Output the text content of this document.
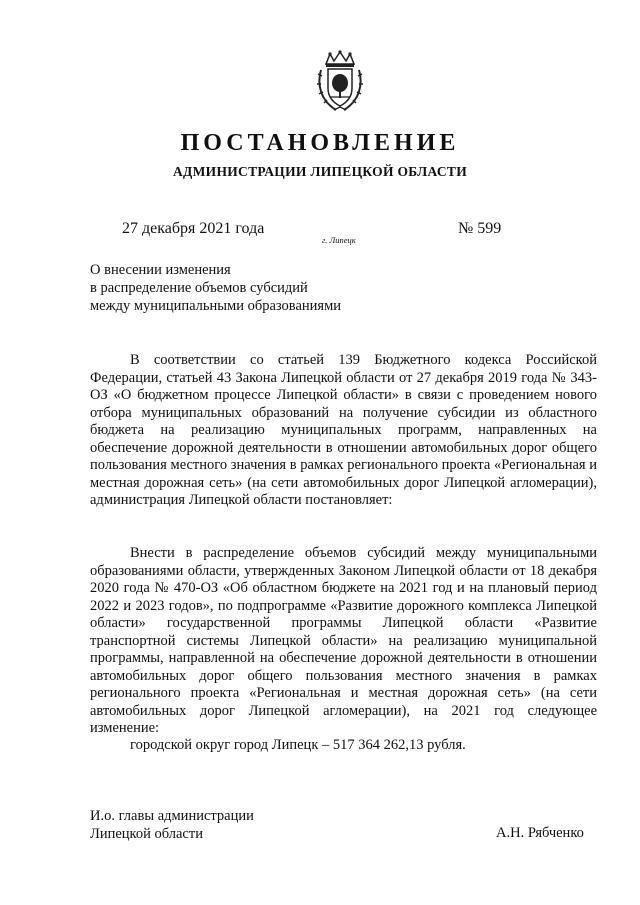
ПОСТАНОВЛЕНИЕ
АДМИНИСТРАЦИИ ЛИПЕЦКОЙ ОБЛАСТИ
27 декабря 2021 года
г. Липецк
№ 599
О внесении изменения
в распределение объемов субсидий
между муниципальными образованиями

В соответствии со статьей 139 Бюджетного кодекса Российской Федерации, статьей 43 Закона Липецкой области от 27 декабря 2019 года № 343-ОЗ «О бюджетном процессе Липецкой области» в связи с проведением нового отбора муниципальных образований на получение субсидии из областного бюджета на реализацию муниципальных программ, направленных на обеспечение дорожной деятельности в отношении автомобильных дорог общего пользования местного значения в рамках регионального проекта «Региональная и местная дорожная сеть» (на сети автомобильных дорог Липецкой агломерации), администрация Липецкой области постановляет:

Внести в распределение объемов субсидий между муниципальными образованиями области, утвержденных Законом Липецкой области от 18 декабря 2020 года № 470-ОЗ «Об областном бюджете на 2021 год и на плановый период 2022 и 2023 годов», по подпрограмме «Развитие дорожного комплекса Липецкой области» государственной программы Липецкой области «Развитие транспортной системы Липецкой области» на реализацию муниципальной программы, направленной на обеспечение дорожной деятельности в отношении автомобильных дорог общего пользования местного значения в рамках регионального проекта «Региональная и местная дорожная сеть» (на сети автомобильных дорог Липецкой агломерации), на 2021 год следующее изменение:

городской округ город Липецк – 517 364 262,13 рубля.

И.о. главы администрации
Липецкой области	А.Н. Рябченко
